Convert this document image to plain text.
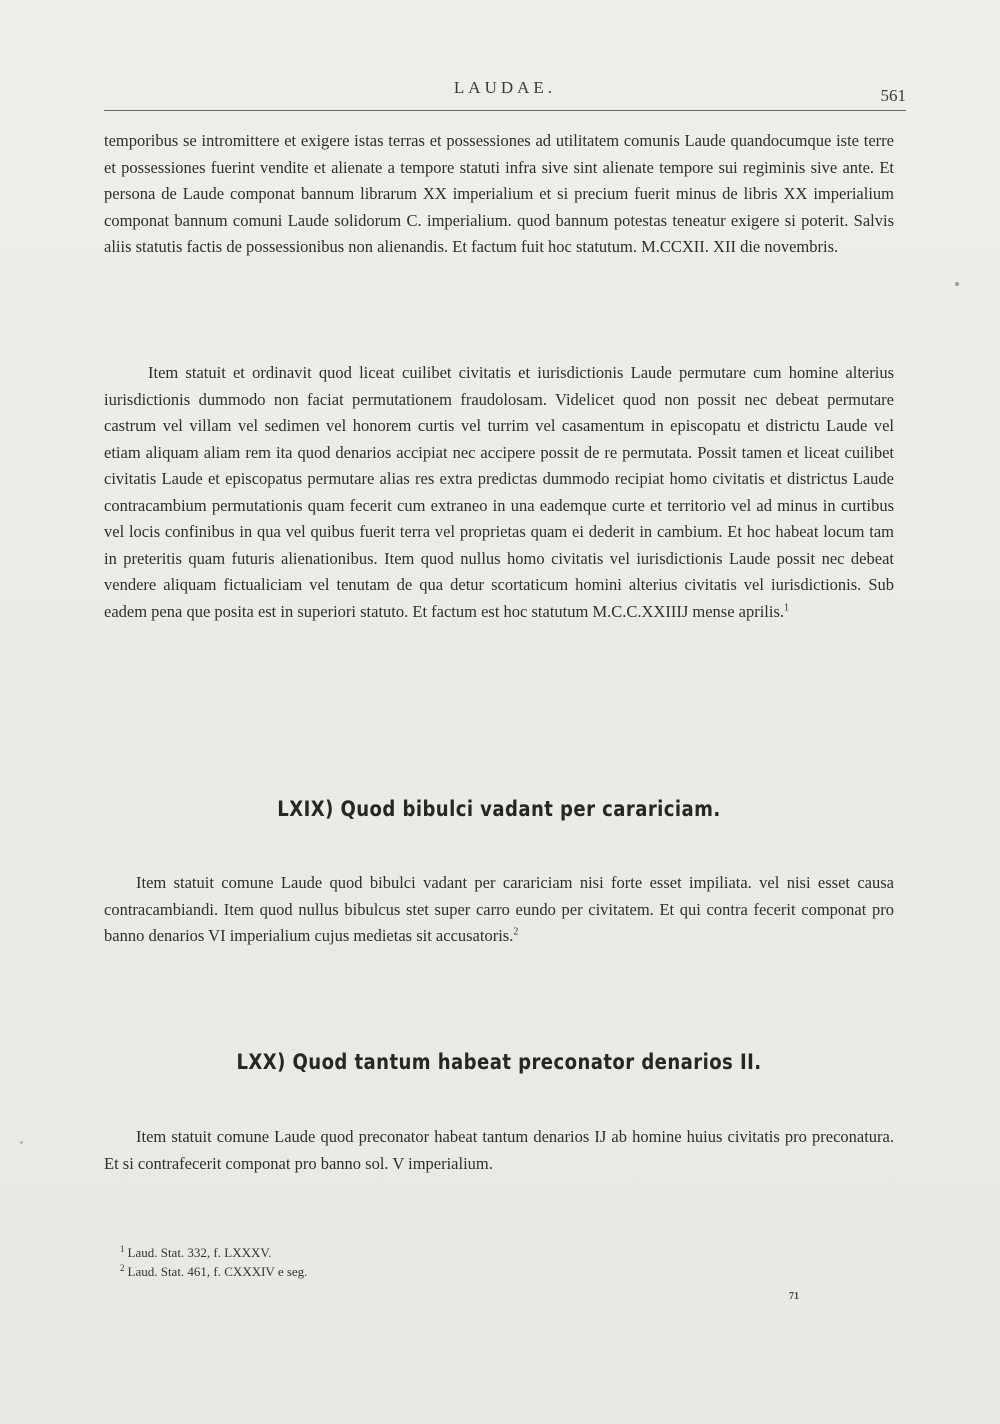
LAUDAE.	561
temporibus se intromittere et exigere istas terras et possessiones ad utilitatem comunis Laude quandocumque iste terre et possessiones fuerint vendite et alienate a tempore statuti infra sive sint alienate tempore sui regiminis sive ante. Et persona de Laude componat bannum librarum XX imperialium et si precium fuerit minus de libris XX imperialium componat bannum comuni Laude solidorum C. imperialium. quod bannum potestas teneatur exigere si poterit. Salvis aliis statutis factis de possessionibus non alienandis. Et factum fuit hoc statutum. M.CCXII. XII die novembris.
Item statuit et ordinavit quod liceat cuilibet civitatis et iurisdictionis Laude permutare cum homine alterius iurisdictionis dummodo non faciat permutationem fraudolosam. Videlicet quod non possit nec debeat permutare castrum vel villam vel sedimen vel honorem curtis vel turrim vel casamentum in episcopatu et districtu Laude vel etiam aliquam aliam rem ita quod denarios accipiat nec accipere possit de re permutata. Possit tamen et liceat cuilibet civitatis Laude et episcopatus permutare alias res extra predictas dummodo recipiat homo civitatis et districtus Laude contracambium permutationis quam fecerit cum extraneo in una eademque curte et territorio vel ad minus in curtibus vel locis confinibus in qua vel quibus fuerit terra vel proprietas quam ei dederit in cambium. Et hoc habeat locum tam in preteritis quam futuris alienationibus. Item quod nullus homo civitatis vel iurisdictionis Laude possit nec debeat vendere aliquam fictualiciam vel tenutam de qua detur scortaticum homini alterius civitatis vel iurisdictionis. Sub eadem pena que posita est in superiori statuto. Et factum est hoc statutum M.C.C.XXIIIJ mense aprilis.$^1$
LXIX) Quod bibulci vadant per carariciam.
Item statuit comune Laude quod bibulci vadant per carariciam nisi forte esset impiliata. vel nisi esset causa contracambiandi. Item quod nullus bibulcus stet super carro eundo per civitatem. Et qui contra fecerit componat pro banno denarios VI imperialium cujus medietas sit accusatoris.$^2$
LXX) Quod tantum habeat preconator denarios II.
Item statuit comune Laude quod preconator habeat tantum denarios IJ ab homine huius civitatis pro preconatura. Et si contrafecerit componat pro banno sol. V imperialium.
$^1$ Laud. Stat. 332, f. LXXXV.
$^2$ Laud. Stat. 461, f. CXXXIV e seg.
71
